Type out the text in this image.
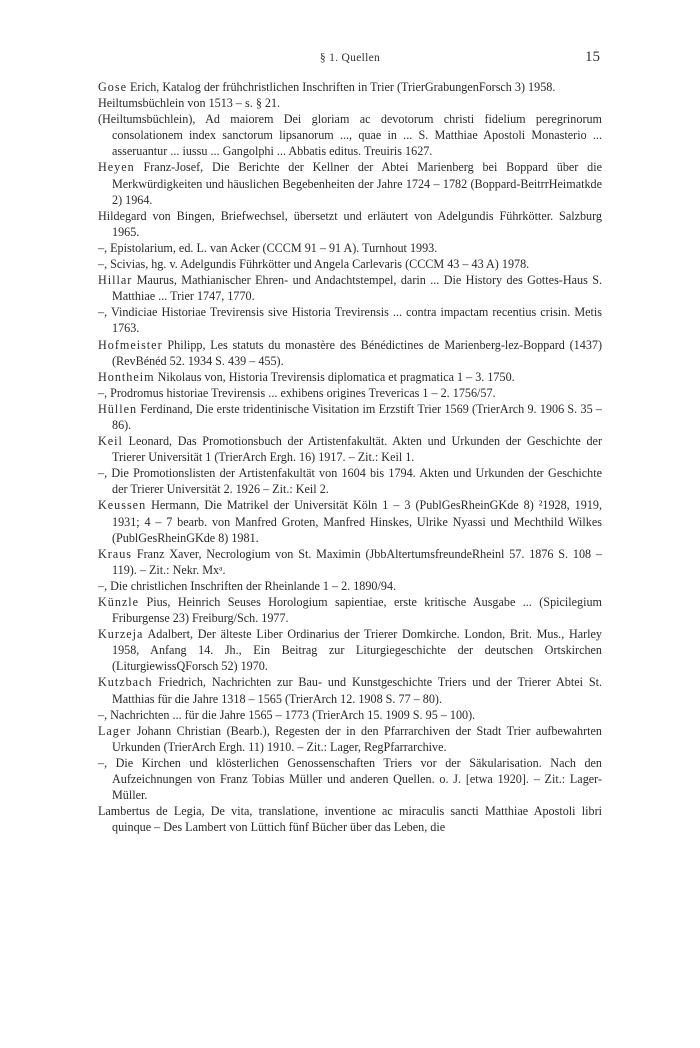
§ 1. Quellen	15

Gose Erich, Katalog der frühchristlichen Inschriften in Trier (TrierGrabungenForsch 3) 1958.

Heiltumsbüchlein von 1513 – s. § 21.

(Heiltumsbüchlein), Ad maiorem Dei gloriam ac devotorum christi fidelium peregrinorum consolationem index sanctorum lipsanorum ..., quae in ... S. Matthiae Apostoli Monasterio ... asseruantur ... iussu ... Gangolphi ... Abbatis editus. Treuiris 1627.

Heyen Franz-Josef, Die Berichte der Kellner der Abtei Marienberg bei Boppard über die Merkwürdigkeiten und häuslichen Begebenheiten der Jahre 1724 – 1782 (Boppard-BeitrrHeimatkde 2) 1964.

Hildegard von Bingen, Briefwechsel, übersetzt und erläutert von Adelgundis Führkötter. Salzburg 1965.

–, Epistolarium, ed. L. van Acker (CCCM 91 – 91 A). Turnhout 1993.

–, Scivias, hg. v. Adelgundis Führkötter und Angela Carlevaris (CCCM 43 – 43 A) 1978.

Hillar Maurus, Mathianischer Ehren- und Andachtstempel, darin ... Die History des Gottes-Haus S. Matthiae ... Trier 1747, 1770.

–, Vindiciae Historiae Trevirensis sive Historia Trevirensis ... contra impactam recentius crisin. Metis 1763.

Hofmeister Philipp, Les statuts du monastère des Bénédictines de Marienberg-lez-Boppard (1437) (RevBénéd 52. 1934 S. 439 – 455).

Hontheim Nikolaus von, Historia Trevirensis diplomatica et pragmatica 1 – 3. 1750.

–, Prodromus historiae Trevirensis ... exhibens origines Trevericas 1 – 2. 1756/57.

Hüllen Ferdinand, Die erste tridentinische Visitation im Erzstift Trier 1569 (TrierArch 9. 1906 S. 35 – 86).

Keil Leonard, Das Promotionsbuch der Artistenfakultät. Akten und Urkunden der Geschichte der Trierer Universität 1 (TrierArch Ergh. 16) 1917. – Zit.: Keil 1.

–, Die Promotionslisten der Artistenfakultät von 1604 bis 1794. Akten und Urkunden der Geschichte der Trierer Universität 2. 1926 – Zit.: Keil 2.

Keussen Hermann, Die Matrikel der Universität Köln 1 – 3 (PublGesRheinGKde 8) ²1928, 1919, 1931; 4 – 7 bearb. von Manfred Groten, Manfred Hinskes, Ulrike Nyassi und Mechthild Wilkes (PublGesRheinGKde 8) 1981.

Kraus Franz Xaver, Necrologium von St. Maximin (JbbAltertumsfreundeRheinl 57. 1876 S. 108 – 119). – Zit.: Nekr. Mxᵃ.

–, Die christlichen Inschriften der Rheinlande 1 – 2. 1890/94.

Künzle Pius, Heinrich Seuses Horologium sapientiae, erste kritische Ausgabe ... (Spicilegium Friburgense 23) Freiburg/Sch. 1977.

Kurzeja Adalbert, Der älteste Liber Ordinarius der Trierer Domkirche. London, Brit. Mus., Harley 1958, Anfang 14. Jh., Ein Beitrag zur Liturgiegeschichte der deutschen Ortskirchen (LiturgiewissQForsch 52) 1970.

Kutzbach Friedrich, Nachrichten zur Bau- und Kunstgeschichte Triers und der Trierer Abtei St. Matthias für die Jahre 1318 – 1565 (TrierArch 12. 1908 S. 77 – 80).

–, Nachrichten ... für die Jahre 1565 – 1773 (TrierArch 15. 1909 S. 95 – 100).

Lager Johann Christian (Bearb.), Regesten der in den Pfarrarchiven der Stadt Trier aufbewahrten Urkunden (TrierArch Ergh. 11) 1910. – Zit.: Lager, RegPfarrarchive.

–, Die Kirchen und klösterlichen Genossenschaften Triers vor der Säkularisation. Nach den Aufzeichnungen von Franz Tobias Müller und anderen Quellen. o. J. [etwa 1920]. – Zit.: Lager-Müller.

Lambertus de Legia, De vita, translatione, inventione ac miraculis sancti Matthiae Apostoli libri quinque – Des Lambert von Lüttich fünf Bücher über das Leben, die
